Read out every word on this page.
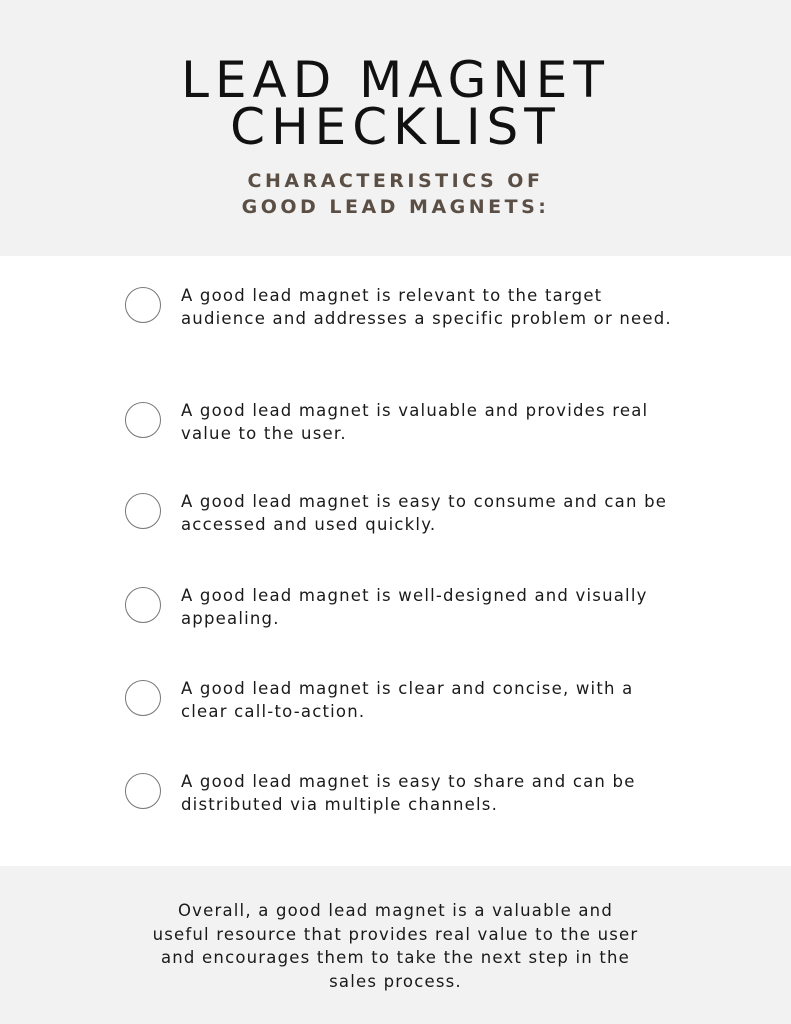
LEAD MAGNET
CHECKLIST
CHARACTERISTICS OF
GOOD LEAD MAGNETS:

A good lead magnet is relevant to the target audience and addresses a specific problem or need.

A good lead magnet is valuable and provides real value to the user.

A good lead magnet is easy to consume and can be accessed and used quickly.

A good lead magnet is well-designed and visually appealing.

A good lead magnet is clear and concise, with a clear call-to-action.

A good lead magnet is easy to share and can be distributed via multiple channels.

Overall, a good lead magnet is a valuable and useful resource that provides real value to the user and encourages them to take the next step in the sales process.
